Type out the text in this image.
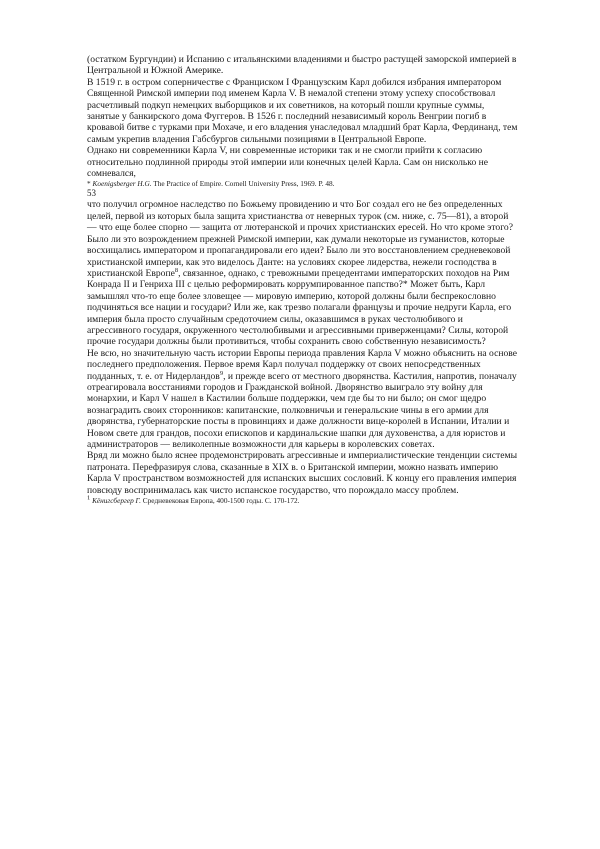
(остатком Бургундии) и Испанию с итальянскими владениями и быстро растущей заморской империей в Центральной и Южной Америке.

В 1519 г. в остром соперничестве с Франциском I Французским Карл добился избрания императором Священной Римской империи под именем Карла V. В немалой степени этому успеху способствовал расчетливый подкуп немецких выборщиков и их советников, на который пошли крупные суммы, занятые у банкирского дома Фуггеров. В 1526 г. последний независимый король Венгрии погиб в кровавой битве с турками при Мохаче, и его владения унаследовал младший брат Карла, Фердинанд, тем самым укрепив владения Габсбургов сильными позициями в Центральной Европе.

Однако ни современники Карла V, ни современные историки так и не смогли прийти к согласию относительно подлинной природы этой империи или конечных целей Карла. Сам он нисколько не сомневался,

* Koenigsberger H.G. The Practice of Empire. Cornell University Press, 1969. P. 48.

53

что получил огромное наследство по Божьему провидению и что Бог создал его не без определенных целей, первой из которых была защита христианства от неверных турок (см. ниже, с. 75—81), а второй — что еще более спорно — защита от лютеранской и прочих христианских ересей. Но что кроме этого? Было ли это возрождением прежней Римской империи, как думали некоторые из гуманистов, которые восхищались императором и пропагандировали его идеи? Было ли это восстановлением средневековой христианской империи, как это виделось Данте: на условиях скорее лидерства, нежели господства в христианской Европе$^8$, связанное, однако, с тревожными прецедентами императорских походов на Рим Конрада II и Генриха III с целью реформировать коррумпированное папство?* Может быть, Карл замышлял что-то еще более зловещее — мировую империю, которой должны были беспрекословно подчиняться все нации и государи? Или же, как трезво полагали французы и прочие недруги Карла, его империя была просто случайным средоточием силы, оказавшимся в руках честолюбивого и агрессивного государя, окруженного честолюбивыми и агрессивными приверженцами? Силы, которой прочие государи должны были противиться, чтобы сохранить свою собственную независимость?

Не всю, но значительную часть истории Европы периода правления Карла V можно объяснить на основе последнего предположения. Первое время Карл получал поддержку от своих непосредственных подданных, т. е. от Нидерландов$^9$, и прежде всего от местного дворянства. Кастилия, напротив, поначалу отреагировала восстаниями городов и Гражданской войной. Дворянство выиграло эту войну для монархии, и Карл V нашел в Кастилии больше поддержки, чем где бы то ни было; он смог щедро вознаградить своих сторонников: капитанские, полковничьи и генеральские чины в его армии для дворянства, губернаторские посты в провинциях и даже должности вице-королей в Испании, Италии и Новом свете для грандов, посохи епископов и кардинальские шапки для духовенства, а для юристов и администраторов — великолепные возможности для карьеры в королевских советах.

Вряд ли можно было яснее продемонстрировать агрессивные и империалистические тенденции системы патроната. Перефразируя слова, сказанные в XIX в. о Британской империи, можно назвать империю Карла V пространством возможностей для испанских высших сословий. К концу его правления империя повсюду воспринималась как чисто испанское государство, что порождало массу проблем.

$^1$ Кёнигсбергер Г. Средневековая Европа, 400-1500 годы. С. 170-172.
